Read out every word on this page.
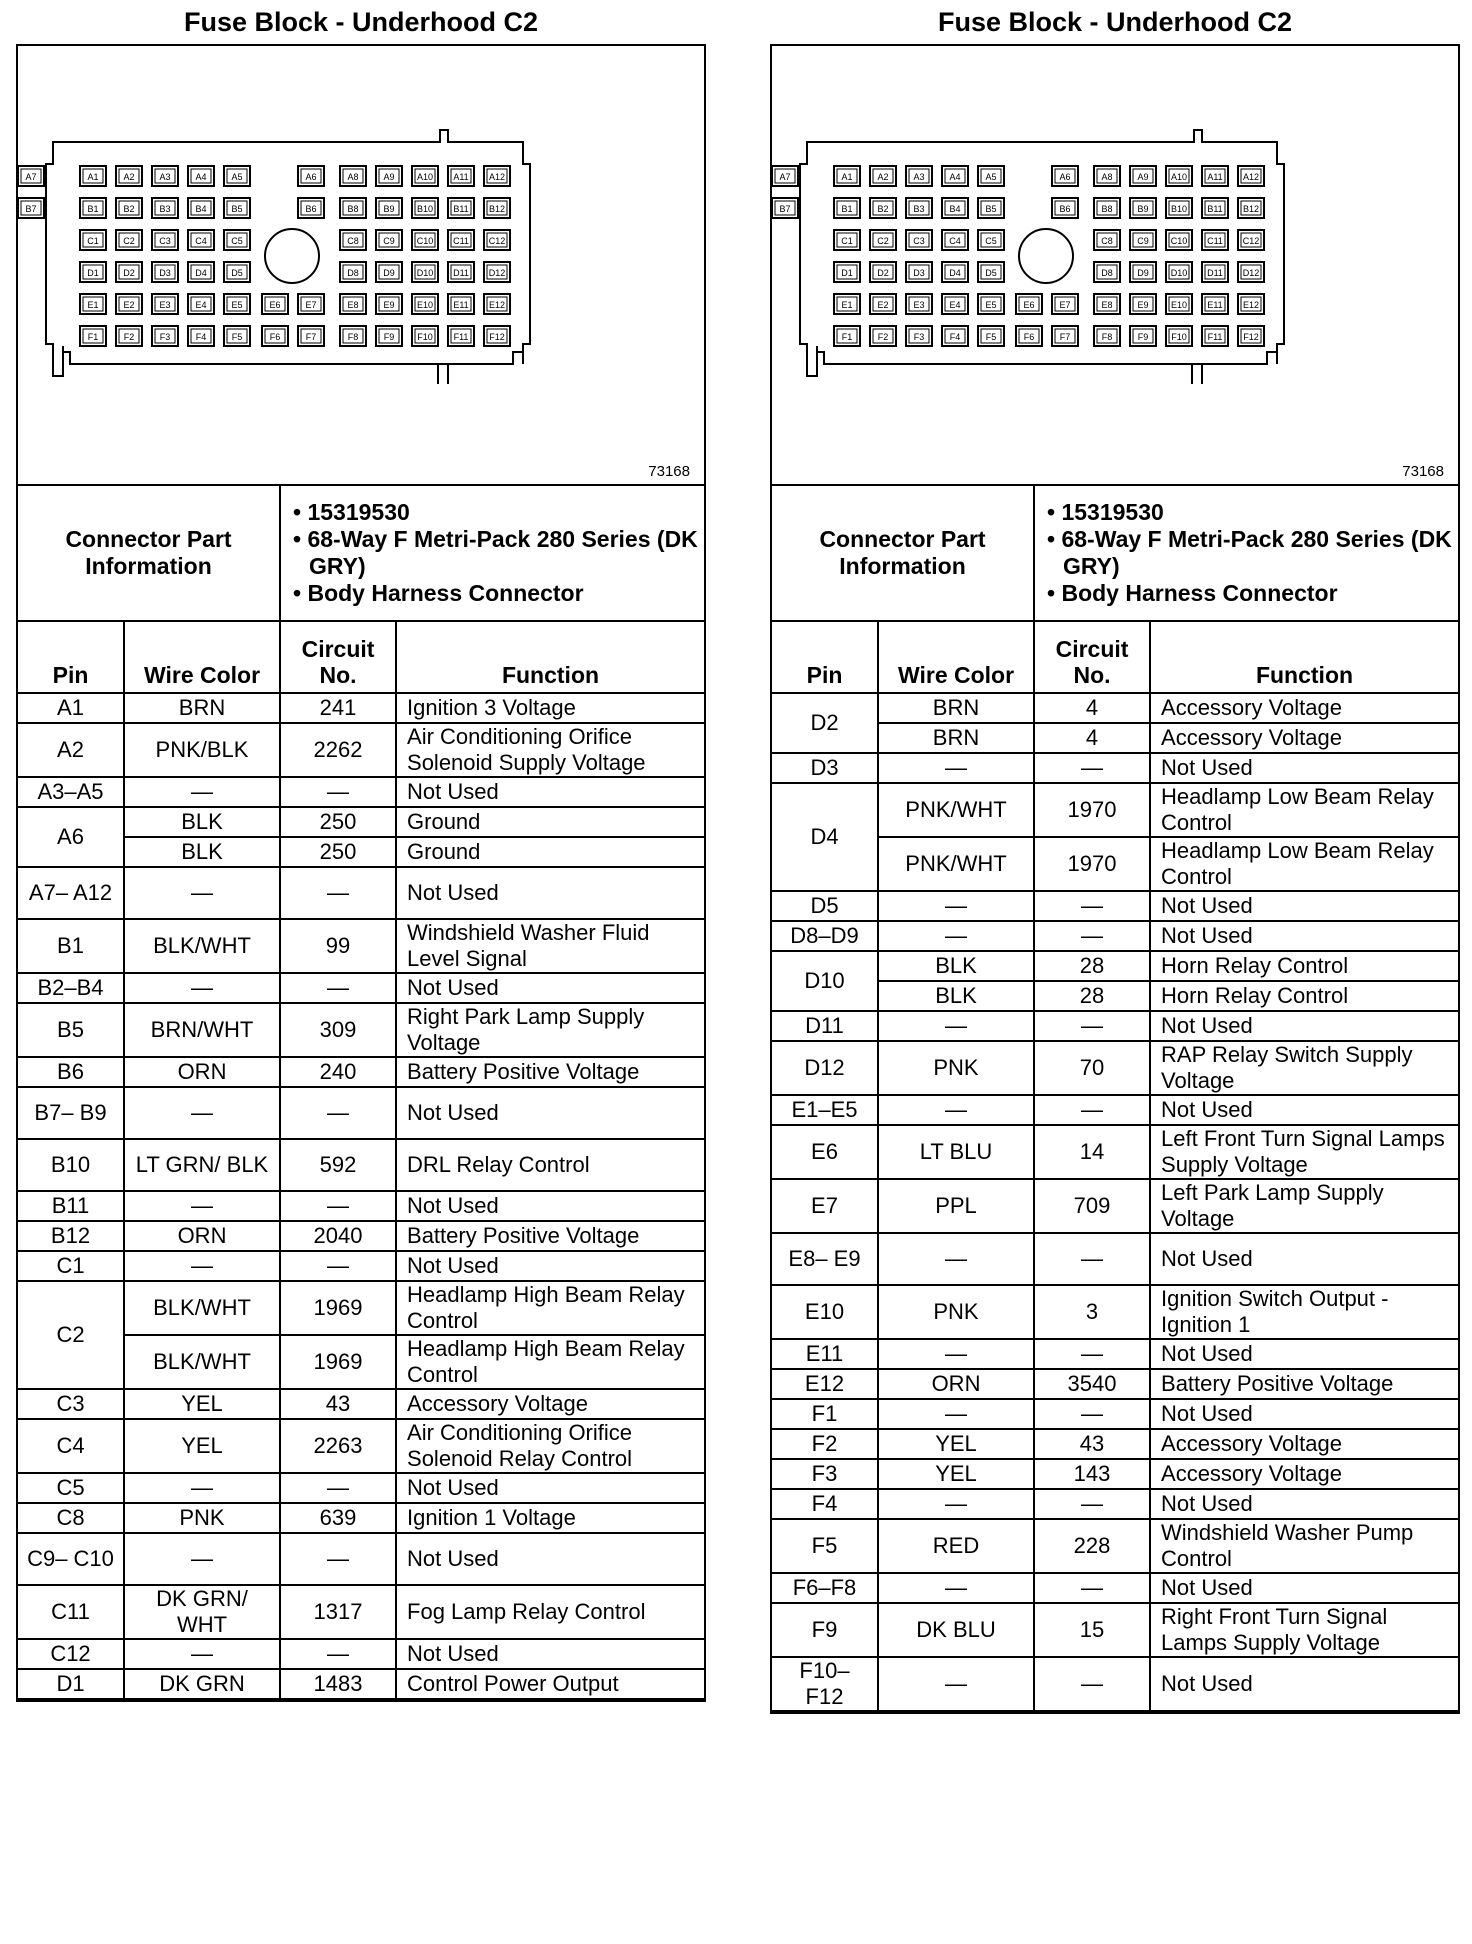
Fuse Block - Underhood C2
A1	A2	A3	A4	A5	A6
A7	A8	A9 A10 A11 A12
B1	B2	B3	B4	B5	B6
B7	B8	B9 B10 B11 B12
C1	C2	C3	C4	C5	C8	C9 C10 C11 C12
D1	D2	D3	D4	D5	D8	D9 D10 D11 D12
E1	E2	E3	E4	E5	E6	E7	E8	E9 E10 E11 E12
F1	F2	F3	F4	F5	F6	F7	F8	F9	F10 F11 F12
73168
Connector Part Information		• 15319530
• 68-Way F Metri-Pack 280 Series (DK GRY)
• Body Harness Connector

Pin	Wire Color	Circuit No.	Function
A1	BRN	241	Ignition 3 Voltage
A2	PNK/BLK	2262	Air Conditioning Orifice Solenoid Supply Voltage
A3–A5	—	—	Not Used
A6	BLK	250	Ground
	BLK	250	Ground
A7– A12	—	—	Not Used
B1	BLK/WHT	99	Windshield Washer Fluid Level Signal
B2–B4	—	—	Not Used
B5	BRN/WHT	309	Right Park Lamp Supply Voltage
B6	ORN	240	Battery Positive Voltage
B7– B9	—	—	Not Used
B10	LT GRN/ BLK	592	DRL Relay Control
B11	—	—	Not Used
B12	ORN	2040	Battery Positive Voltage
C1	—	—	Not Used
C2	BLK/WHT	1969	Headlamp High Beam Relay Control
	BLK/WHT	1969	Headlamp High Beam Relay Control
C3	YEL	43	Accessory Voltage
C4	YEL	2263	Air Conditioning Orifice Solenoid Relay Control
C5	—	—	Not Used
C8	PNK	639	Ignition 1 Voltage
C9– C10	—	—	Not Used
C11	DK GRN/ WHT	1317	Fog Lamp Relay Control
C12	—	—	Not Used
D1	DK GRN	1483	Control Power Output
Fuse Block - Underhood C2
A1	A2	A3	A4	A5	A6
A7	A8	A9 A10 A11 A12
B1	B2	B3	B4	B5	B6
B7	B8	B9 B10 B11 B12
C1	C2	C3	C4	C5	C8	C9 C10 C11 C12
D1	D2	D3	D4	D5	D8	D9 D10 D11 D12
E1	E2	E3	E4	E5	E6	E7	E8	E9 E10 E11 E12
F1	F2	F3	F4	F5	F6	F7	F8	F9	F10 F11 F12
73168
Connector Part Information		• 15319530
• 68-Way F Metri-Pack 280 Series (DK GRY)
• Body Harness Connector

Pin	Wire Color	Circuit No.	Function
D2	BRN	4	Accessory Voltage
	BRN	4	Accessory Voltage
D3	—	—	Not Used
D4	PNK/WHT	1970	Headlamp Low Beam Relay Control
	PNK/WHT	1970	Headlamp Low Beam Relay Control
D5	—	—	Not Used
D8–D9	—	—	Not Used
D10	BLK	28	Horn Relay Control
	BLK	28	Horn Relay Control
D11	—	—	Not Used
D12	PNK	70	RAP Relay Switch Supply Voltage
E1–E5	—	—	Not Used
E6	LT BLU	14	Left Front Turn Signal Lamps Supply Voltage
E7	PPL	709	Left Park Lamp Supply Voltage
E8– E9	—	—	Not Used
E10	PNK	3	Ignition Switch Output - Ignition 1
E11	—	—	Not Used
E12	ORN	3540	Battery Positive Voltage
F1	—	—	Not Used
F2	YEL	43	Accessory Voltage
F3	YEL	143	Accessory Voltage
F4	—	—	Not Used
F5	RED	228	Windshield Washer Pump Control
F6–F8	—	—	Not Used
F9	DK BLU	15	Right Front Turn Signal Lamps Supply Voltage
F10– F12	—	—	Not Used
